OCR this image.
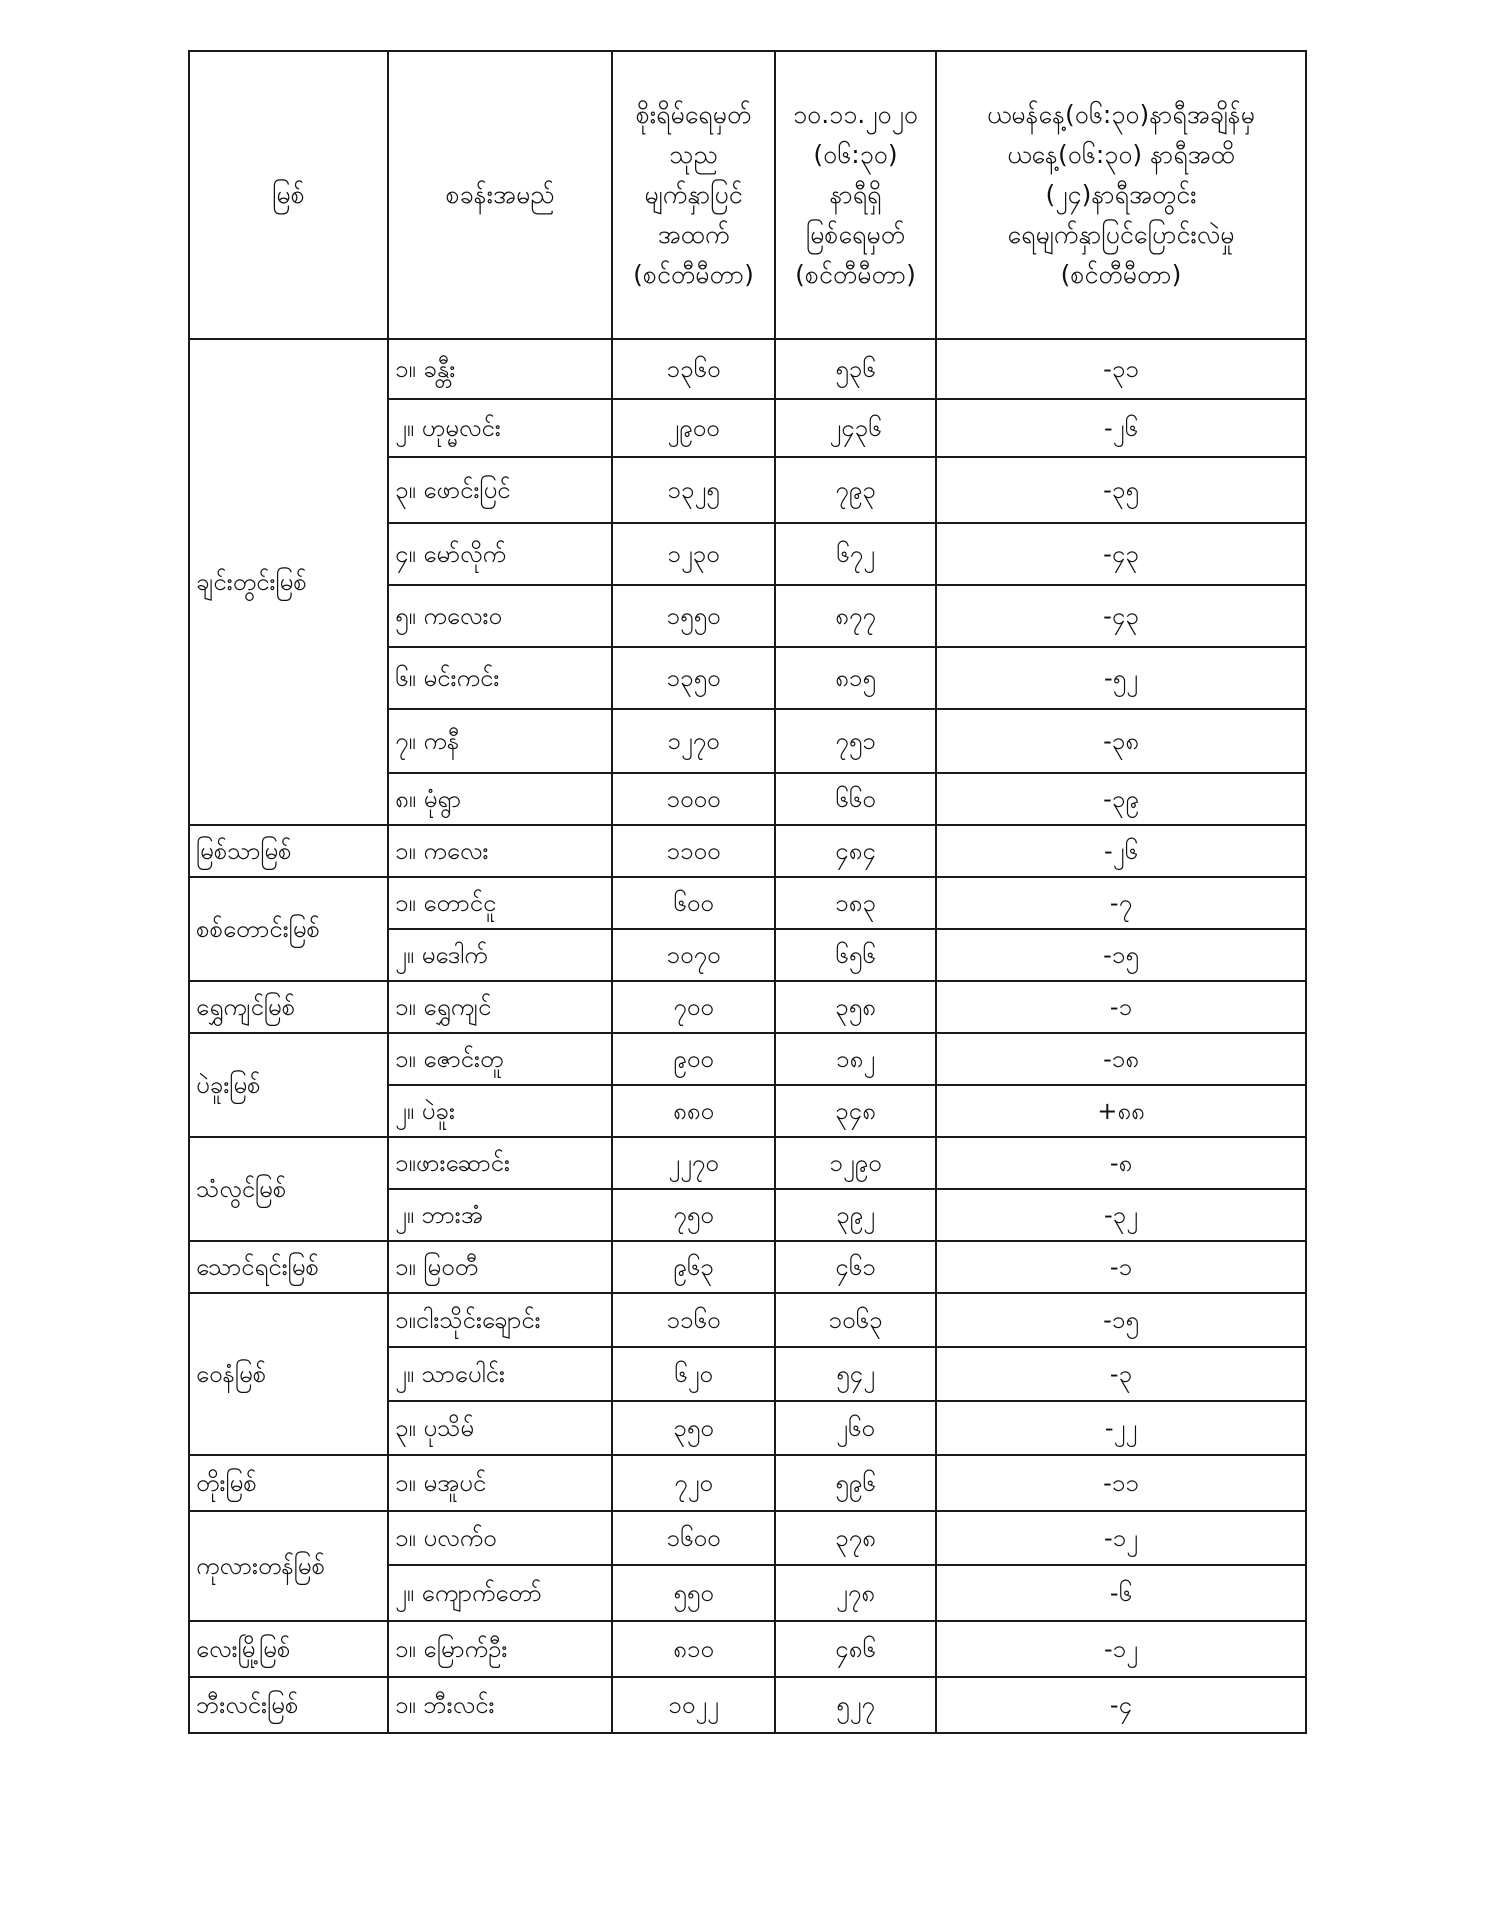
မြစ်	စခန်းအမည်	စိုးရိမ်ရေမှတ်
သုည
မျက်နှာပြင်
အထက်
(စင်တီမီတာ)	၁၀.၁၁.၂၀၂၀
(၀၆:၃၀)
နာရီရှိ
မြစ်ရေမှတ်
(စင်တီမီတာ)	ယမန်နေ့(၀၆:၃၀)နာရီအချိန်မှ
ယနေ့(၀၆:၃၀) နာရီအထိ
(၂၄)နာရီအတွင်း
ရေမျက်နှာပြင်ပြောင်းလဲမှု
(စင်တီမီတာ)
ချင်းတွင်းမြစ်	၁။ ခန္တီး	၁၃၆၀	၅၃၆	-၃၁
	၂။ ဟုမ္မလင်း	၂၉၀၀	၂၄၃၆	-၂၆
	၃။ ဖောင်းပြင်	၁၃၂၅	၇၉၃	-၃၅
	၄။ မော်လိုက်	၁၂၃၀	၆၇၂	-၄၃
	၅။ ကလေးဝ	၁၅၅၀	၈၇၇	-၄၃
	၆။ မင်းကင်း	၁၃၅၀	၈၁၅	-၅၂
	၇။ ကနီ	၁၂၇၀	၇၅၁	-၃၈
	၈။ မုံရွာ	၁၀၀၀	၆၆၀	-၃၉
မြစ်သာမြစ်	၁။ ကလေး	၁၁၀၀	၄၈၄	-၂၆
စစ်တောင်းမြစ်	၁။ တောင်ငူ	၆၀၀	၁၈၃	-၇
	၂။ မဒေါက်	၁၀၇၀	၆၅၆	-၁၅
ရွှေကျင်မြစ်	၁။ ရွှေကျင်	၇၀၀	၃၅၈	-၁
ပဲခူးမြစ်	၁။ ဇောင်းတူ	၉၀၀	၁၈၂	-၁၈
	၂။ ပဲခူး	၈၈၀	၃၄၈	+၈၈
သံလွင်မြစ်	၁။ဖားဆောင်း	၂၂၇၀	၁၂၉၀	-၈
	၂။ ဘားအံ	၇၅၀	၃၉၂	-၃၂
သောင်ရင်းမြစ်	၁။ မြဝတီ	၉၆၃	၄၆၁	-၁
ဝေနံမြစ်	၁။ငါးသိုင်းချောင်း	၁၁၆၀	၁၀၆၃	-၁၅
	၂။ သာပေါင်း	၆၂၀	၅၄၂	-၃
	၃။ ပုသိမ်	၃၅၀	၂၆၀	-၂၂
တိုးမြစ်	၁။ မအူပင်	၇၂၀	၅၉၆	-၁၁
ကုလားတန်မြစ်	၁။ ပလက်ဝ	၁၆၀၀	၃၇၈	-၁၂
	၂။ ကျောက်တော်	၅၅၀	၂၇၈	-၆
လေးမြို့မြစ်	၁။ မြောက်ဦး	၈၁၀	၄၈၆	-၁၂
ဘီးလင်းမြစ်	၁။ ဘီးလင်း	၁၀၂၂	၅၂၇	-၄
